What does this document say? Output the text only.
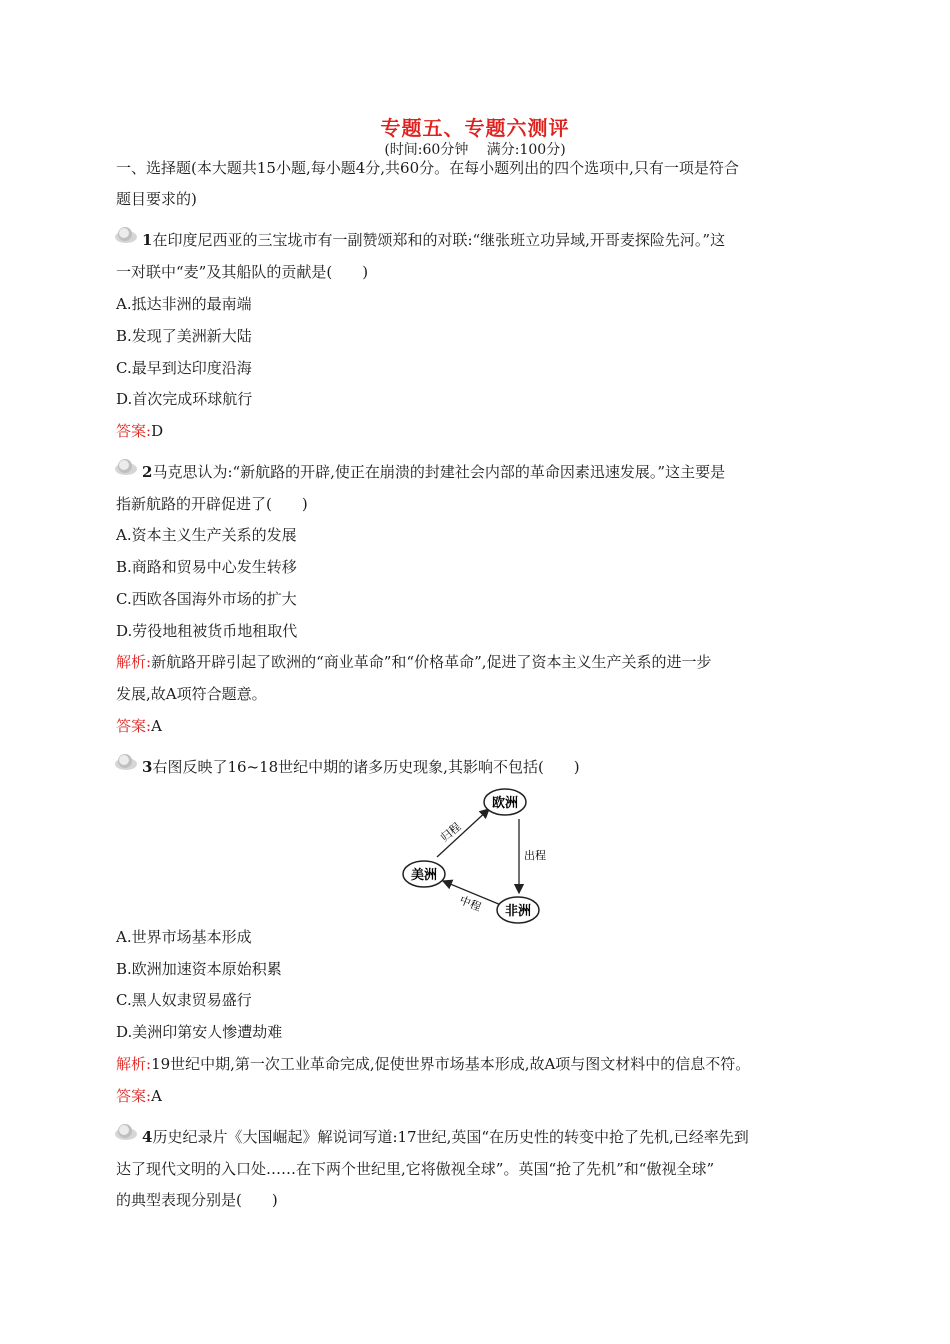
专题五、专题六测评
(时间:60分钟　 满分:100分)
一、选择题(本大题共15小题,每小题4分,共60分。在每小题列出的四个选项中,只有一项是符合
题目要求的)
1在印度尼西亚的三宝垅市有一副赞颂郑和的对联:“继张班立功异域,开哥麦探险先河。”这
一对联中“麦”及其船队的贡献是(　　)
A.抵达非洲的最南端
B.发现了美洲新大陆
C.最早到达印度沿海
D.首次完成环球航行
答案:D
2马克思认为:“新航路的开辟,使正在崩溃的封建社会内部的革命因素迅速发展。”这主要是
指新航路的开辟促进了(　　)
A.资本主义生产关系的发展
B.商路和贸易中心发生转移
C.西欧各国海外市场的扩大
D.劳役地租被货币地租取代
解析:新航路开辟引起了欧洲的“商业革命”和“价格革命”,促进了资本主义生产关系的进一步
发展,故A项符合题意。
答案:A
3右图反映了16~18世纪中期的诸多历史现象,其影响不包括(　　)
欧洲
美洲
非洲
出程
归程
中程
A.世界市场基本形成
B.欧洲加速资本原始积累
C.黑人奴隶贸易盛行
D.美洲印第安人惨遭劫难
解析:19世纪中期,第一次工业革命完成,促使世界市场基本形成,故A项与图文材料中的信息不符。
答案:A
4历史纪录片《大国崛起》解说词写道:17世纪,英国“在历史性的转变中抢了先机,已经率先到
达了现代文明的入口处……在下两个世纪里,它将傲视全球”。英国“抢了先机”和“傲视全球”
的典型表现分别是(　　)
